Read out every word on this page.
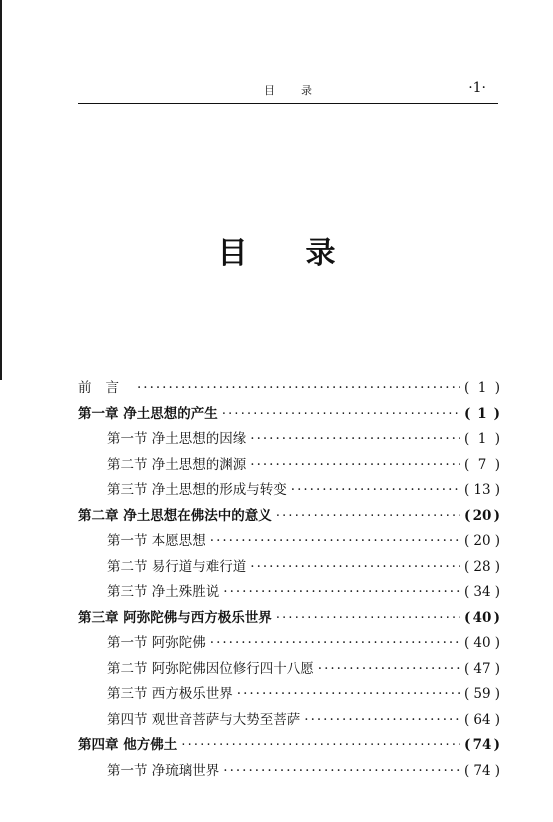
目录	·1·
目录
前言 ·····	( 1 )
第一章 净土思想的产生 ·····	( 1 )
第一节 净土思想的因缘 ·····	( 1 )
第二节 净土思想的渊源 ·····	( 7 )
第三节 净土思想的形成与转变 ·····	( 13 )
第二章 净土思想在佛法中的意义 ·····	( 20 )
第一节 本愿思想 ·····	( 20 )
第二节 易行道与难行道 ·····	( 28 )
第三节 净土殊胜说 ·····	( 34 )
第三章 阿弥陀佛与西方极乐世界 ·····	( 40 )
第一节 阿弥陀佛 ·····	( 40 )
第二节 阿弥陀佛因位修行四十八愿 ·····	( 47 )
第三节 西方极乐世界 ·····	( 59 )
第四节 观世音菩萨与大势至菩萨 ·····	( 64 )
第四章 他方佛土 ·····	( 74 )
第一节 净琉璃世界 ·····	( 74 )
